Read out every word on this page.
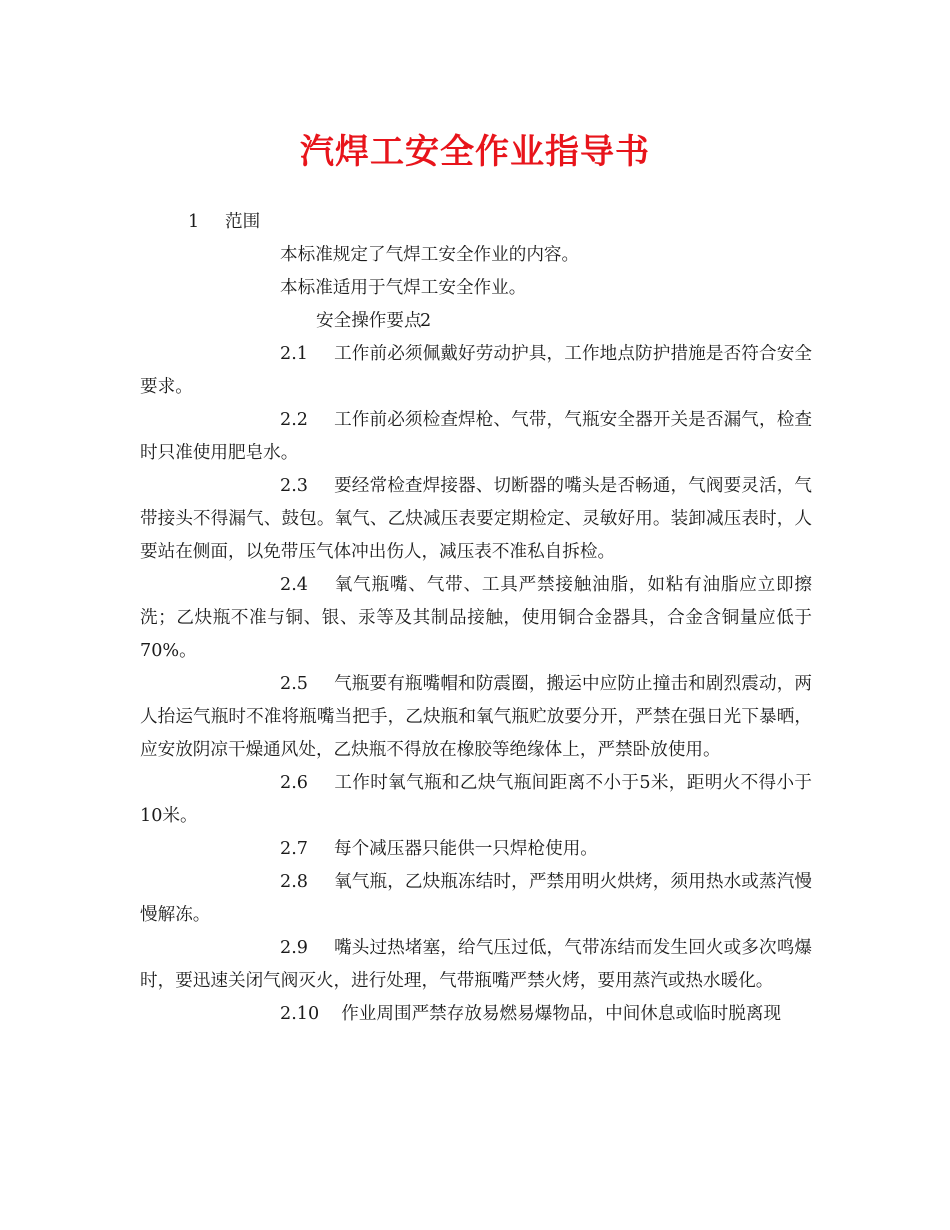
汽焊工安全作业指导书

1 范围

本标准规定了气焊工安全作业的内容。

本标准适用于气焊工安全作业。

2安全操作要点

2.1 工作前必须佩戴好劳动护具，工作地点防护措施是否符合安全要求。

2.2 工作前必须检查焊枪、气带，气瓶安全器开关是否漏气，检查时只准使用肥皂水。

2.3 要经常检查焊接器、切断器的嘴头是否畅通，气阀要灵活，气带接头不得漏气、鼓包。氧气、乙炔减压表要定期检定、灵敏好用。装卸减压表时，人要站在侧面，以免带压气体冲出伤人，减压表不准私自拆检。

2.4 氧气瓶嘴、气带、工具严禁接触油脂，如粘有油脂应立即擦洗；乙炔瓶不准与铜、银、汞等及其制品接触，使用铜合金器具，合金含铜量应低于70%。

2.5 气瓶要有瓶嘴帽和防震圈，搬运中应防止撞击和剧烈震动，两人抬运气瓶时不准将瓶嘴当把手，乙炔瓶和氧气瓶贮放要分开，严禁在强日光下暴晒，应安放阴凉干燥通风处，乙炔瓶不得放在橡胶等绝缘体上，严禁卧放使用。

2.6 工作时氧气瓶和乙炔气瓶间距离不小于5米，距明火不得小于10米。

2.7 每个减压器只能供一只焊枪使用。

2.8 氧气瓶，乙炔瓶冻结时，严禁用明火烘烤，须用热水或蒸汽慢慢解冻。

2.9 嘴头过热堵塞，给气压过低，气带冻结而发生回火或多次鸣爆时，要迅速关闭气阀灭火，进行处理，气带瓶嘴严禁火烤，要用蒸汽或热水暖化。

2.10 作业周围严禁存放易燃易爆物品，中间休息或临时脱离现
